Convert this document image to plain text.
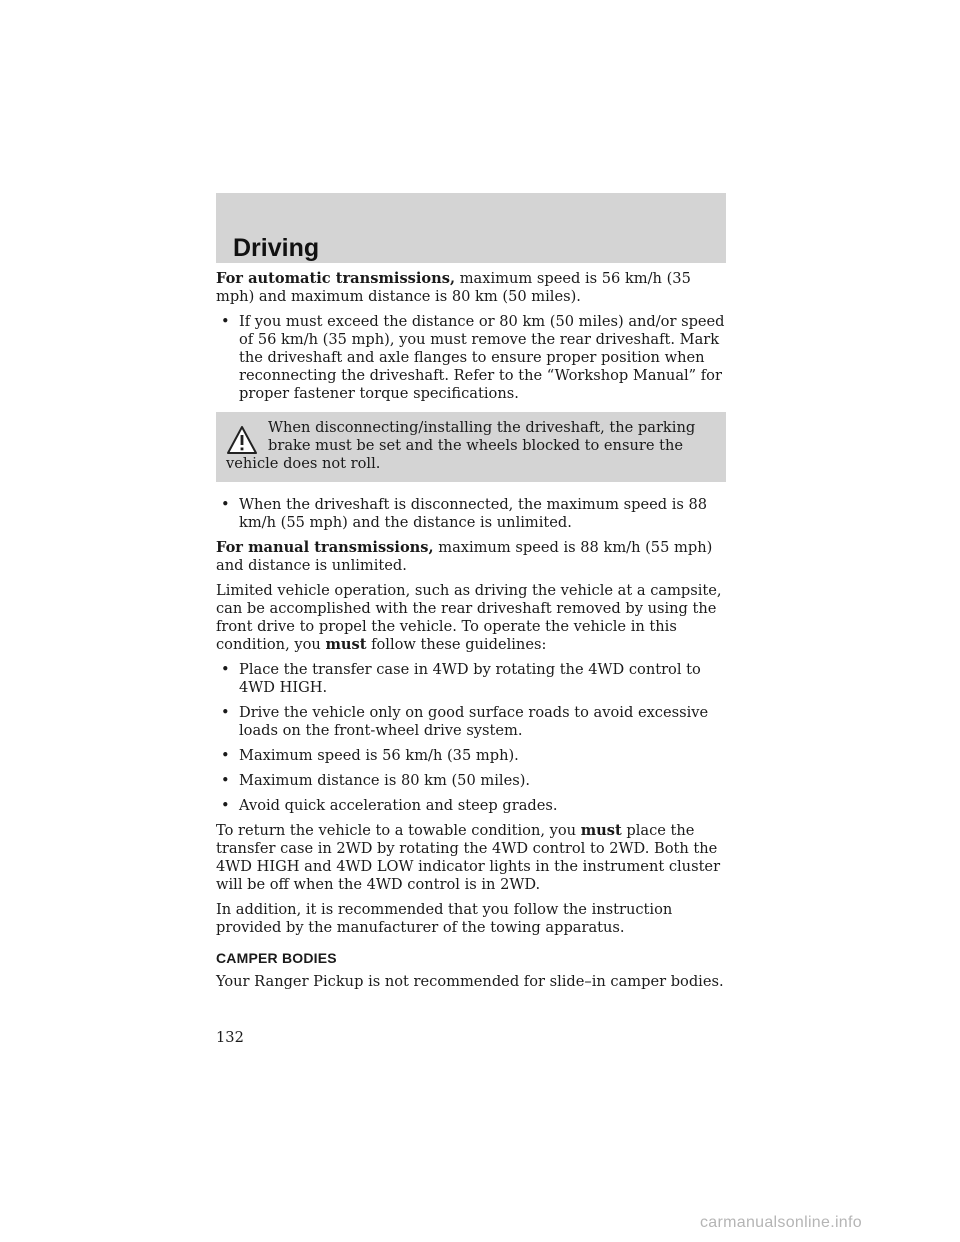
Driving

For automatic transmissions, maximum speed is 56 km/h (35 mph) and maximum distance is 80 km (50 miles).

• If you must exceed the distance or 80 km (50 miles) and/or speed of 56 km/h (35 mph), you must remove the rear driveshaft. Mark the driveshaft and axle flanges to ensure proper position when reconnecting the driveshaft. Refer to the “Workshop Manual” for proper fastener torque specifications.
When disconnecting/installing the driveshaft, the parking brake must be set and the wheels blocked to ensure the vehicle does not roll.
• When the driveshaft is disconnected, the maximum speed is 88 km/h (55 mph) and the distance is unlimited.

For manual transmissions, maximum speed is 88 km/h (55 mph) and distance is unlimited.

Limited vehicle operation, such as driving the vehicle at a campsite, can be accomplished with the rear driveshaft removed by using the front drive to propel the vehicle. To operate the vehicle in this condition, you must follow these guidelines:

• Place the transfer case in 4WD by rotating the 4WD control to 4WD HIGH.
• Drive the vehicle only on good surface roads to avoid excessive loads on the front-wheel drive system.
• Maximum speed is 56 km/h (35 mph).
• Maximum distance is 80 km (50 miles).
• Avoid quick acceleration and steep grades.

To return the vehicle to a towable condition, you must place the transfer case in 2WD by rotating the 4WD control to 2WD. Both the 4WD HIGH and 4WD LOW indicator lights in the instrument cluster will be off when the 4WD control is in 2WD.

In addition, it is recommended that you follow the instruction provided by the manufacturer of the towing apparatus.

CAMPER BODIES

Your Ranger Pickup is not recommended for slide–in camper bodies.

132
carmanualsonline.info
